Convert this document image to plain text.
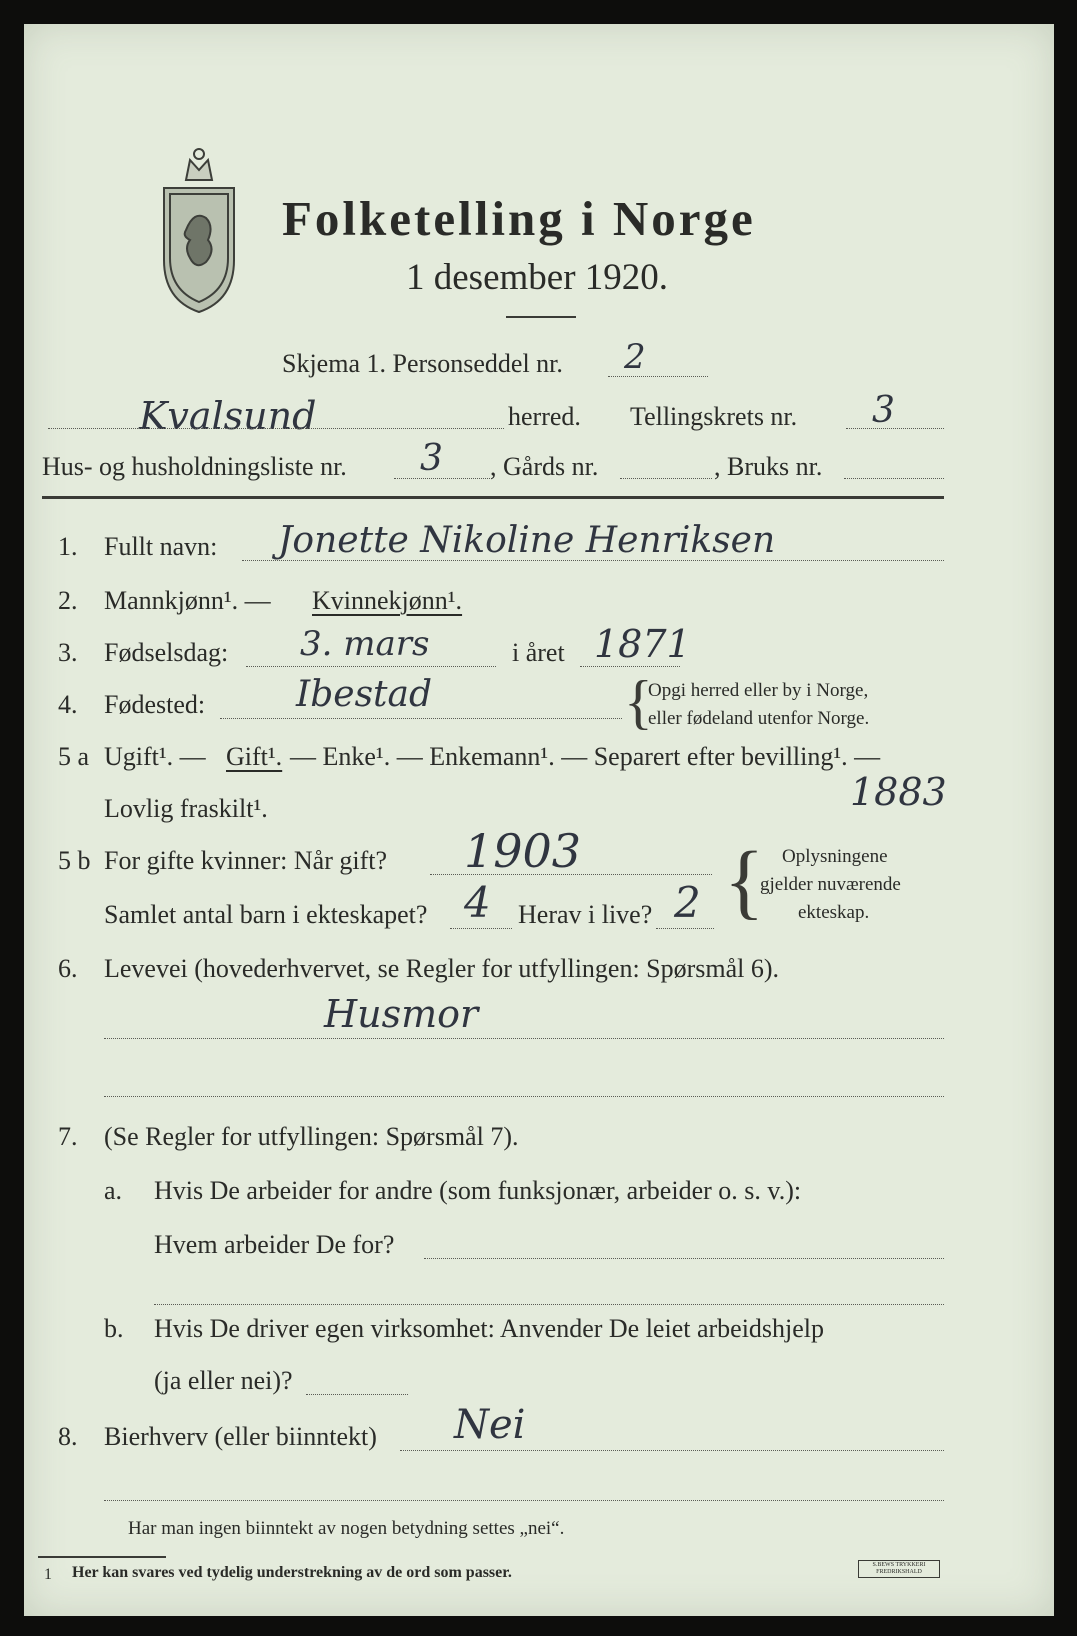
Folketelling i Norge
1 desember 1920.
Skjema 1. Personseddel nr. 2
Kvalsund	herred. Tellingskrets nr. 3
Hus- og husholdningsliste nr. 3 , Gårds nr.	, Bruks nr.
1. Fullt navn: Jonette Nikoline Henriksen
2. Mannkjønn¹. — Kvinnekjønn¹.
3. Fødselsdag: 3. mars	i året 1871
4. Fødested:	Ibestad	{
Opgi herred eller by i Norge,
eller fødeland utenfor Norge.
5 a Ugift¹. — Gift¹. — Enke¹. — Enkemann¹. — Separert efter bevilling¹. —
Lovlig fraskilt¹.	1883
5 b For gifte kvinner: Når gift? 1903
Samlet antal barn i ekteskapet? 4 Herav i live? 2 { Oplysningene
gjelder nuværende
ekteskap.
6. Levevei (hovederhvervet, se Regler for utfyllingen: Spørsmål 6).
Husmor
7. (Se Regler for utfyllingen: Spørsmål 7).
a. Hvis De arbeider for andre (som funksjonær, arbeider o. s. v.):
Hvem arbeider De for?
b. Hvis De driver egen virksomhet: Anvender De leiet arbeidshjelp
(ja eller nei)?
8. Bierhverv (eller biinntekt) Nei
Har man ingen biinntekt av nogen betydning settes „nei“.
1 Her kan svares ved tydelig understrekning av de ord som passer.	S.BEWS TRYKKERI FREDRIKSHALD
